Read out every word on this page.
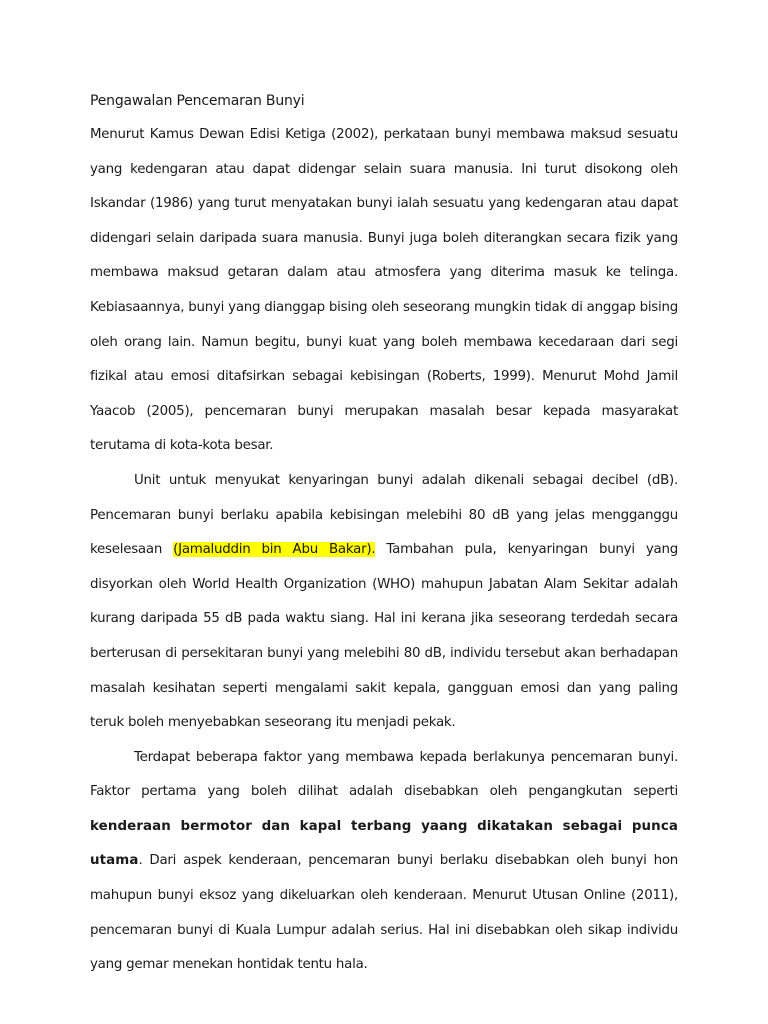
Pengawalan Pencemaran Bunyi

Menurut Kamus Dewan Edisi Ketiga (2002), perkataan bunyi membawa maksud sesuatu yang kedengaran atau dapat didengar selain suara manusia. Ini turut disokong oleh Iskandar (1986) yang turut menyatakan bunyi ialah sesuatu yang kedengaran atau dapat didengari selain daripada suara manusia. Bunyi juga boleh diterangkan secara fizik yang membawa maksud getaran dalam atau atmosfera yang diterima masuk ke telinga. Kebiasaannya, bunyi yang dianggap bising oleh seseorang mungkin tidak di anggap bising oleh orang lain. Namun begitu, bunyi kuat yang boleh membawa kecedaraan dari segi fizikal atau emosi ditafsirkan sebagai kebisingan (Roberts, 1999). Menurut Mohd Jamil Yaacob (2005), pencemaran bunyi merupakan masalah besar kepada masyarakat terutama di kota-kota besar.

Unit untuk menyukat kenyaringan bunyi adalah dikenali sebagai decibel (dB). Pencemaran bunyi berlaku apabila kebisingan melebihi 80 dB yang jelas mengganggu keselesaan (Jamaluddin bin Abu Bakar). Tambahan pula, kenyaringan bunyi yang disyorkan oleh World Health Organization (WHO) mahupun Jabatan Alam Sekitar adalah kurang daripada 55 dB pada waktu siang. Hal ini kerana jika seseorang terdedah secara berterusan di persekitaran bunyi yang melebihi 80 dB, individu tersebut akan berhadapan masalah kesihatan seperti mengalami sakit kepala, gangguan emosi dan yang paling teruk boleh menyebabkan seseorang itu menjadi pekak.

Terdapat beberapa faktor yang membawa kepada berlakunya pencemaran bunyi. Faktor pertama yang boleh dilihat adalah disebabkan oleh pengangkutan seperti kenderaan bermotor dan kapal terbang yaang dikatakan sebagai punca utama. Dari aspek kenderaan, pencemaran bunyi berlaku disebabkan oleh bunyi hon mahupun bunyi eksoz yang dikeluarkan oleh kenderaan. Menurut Utusan Online (2011), pencemaran bunyi di Kuala Lumpur adalah serius. Hal ini disebabkan oleh sikap individu yang gemar menekan hontidak tentu hala.
